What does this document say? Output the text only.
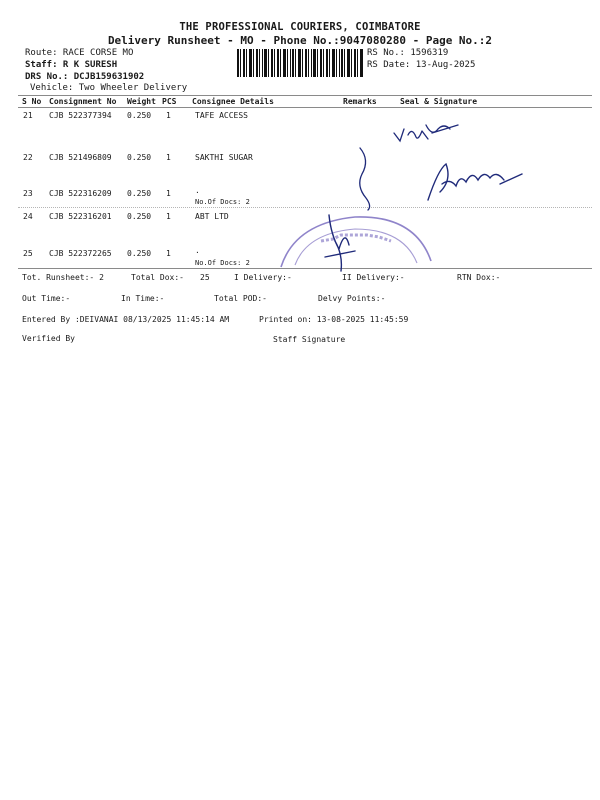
THE PROFESSIONAL COURIERS, COIMBATORE
Delivery Runsheet - MO - Phone No.:9047080280 - Page No.:2
Route: RACE CORSE MO
Staff: R K SURESH
DRS No.: DCJB159631902
Vehicle: Two Wheeler Delivery
RS No.: 1596319
RS Date: 13-Aug-2025
S No Consignment No Weight PCS Consignee Details	Remarks	Seal & Signature
21 CJB 522377394 0.250 1	TAFE ACCESS
22 CJB 521496809 0.250 1	SAKTHI SUGAR
23 CJB 522316209 0.250 1	.
No.Of Docs: 2
24 CJB 522316201 0.250 1	ABT LTD
25 CJB 522372265 0.250 1	.
No.Of Docs: 2
Tot. Runsheet:- 2	Total Dox:- 25	I Delivery:-	II Delivery:-	RTN Dox:-
Out Time:-	In Time:-	Total POD:-	Delvy Points:-
Entered By :DEIVANAI 08/13/2025 11:45:14 AM	Printed on: 13-08-2025 11:45:59
Verified By	Staff Signature
